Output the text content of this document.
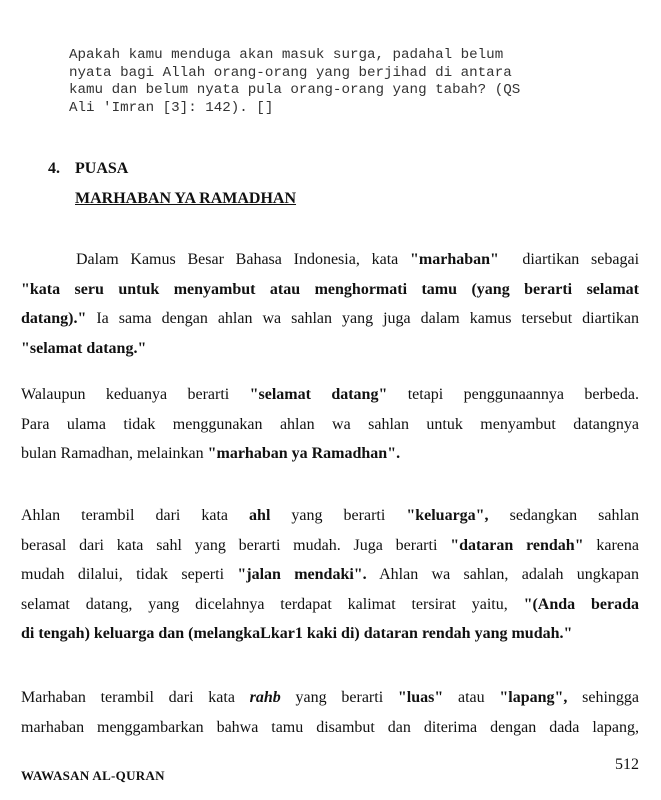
Apakah kamu menduga akan masuk surga, padahal belum
nyata bagi Allah orang-orang yang berjihad di antara
kamu dan belum nyata pula orang-orang yang tabah? (QS
Ali 'Imran [3]: 142). []
4. PUASA
MARHABAN YA RAMADHAN
Dalam Kamus Besar Bahasa Indonesia, kata "marhaban" diartikan sebagai
"kata seru untuk menyambut atau menghormati tamu (yang berarti selamat
datang)." Ia sama dengan ahlan wa sahlan yang juga dalam kamus tersebut diartikan
"selamat datang."
Walaupun keduanya berarti "selamat datang" tetapi penggunaannya berbeda.
Para ulama tidak menggunakan ahlan wa sahlan untuk menyambut datangnya
bulan Ramadhan, melainkan "marhaban ya Ramadhan".
Ahlan terambil dari kata ahl yang berarti "keluarga", sedangkan sahlan
berasal dari kata sahl yang berarti mudah. Juga berarti "dataran rendah" karena
mudah dilalui, tidak seperti "jalan mendaki". Ahlan wa sahlan, adalah ungkapan
selamat datang, yang dicelahnya terdapat kalimat tersirat yaitu, "(Anda berada
di tengah) keluarga dan (melangkaLkar1 kaki di) dataran rendah yang mudah."
Marhaban terambil dari kata rahb yang berarti "luas" atau "lapang", sehingga
marhaban menggambarkan bahwa tamu disambut dan diterima dengan dada lapang,
WAWASAN AL-QURAN
512
